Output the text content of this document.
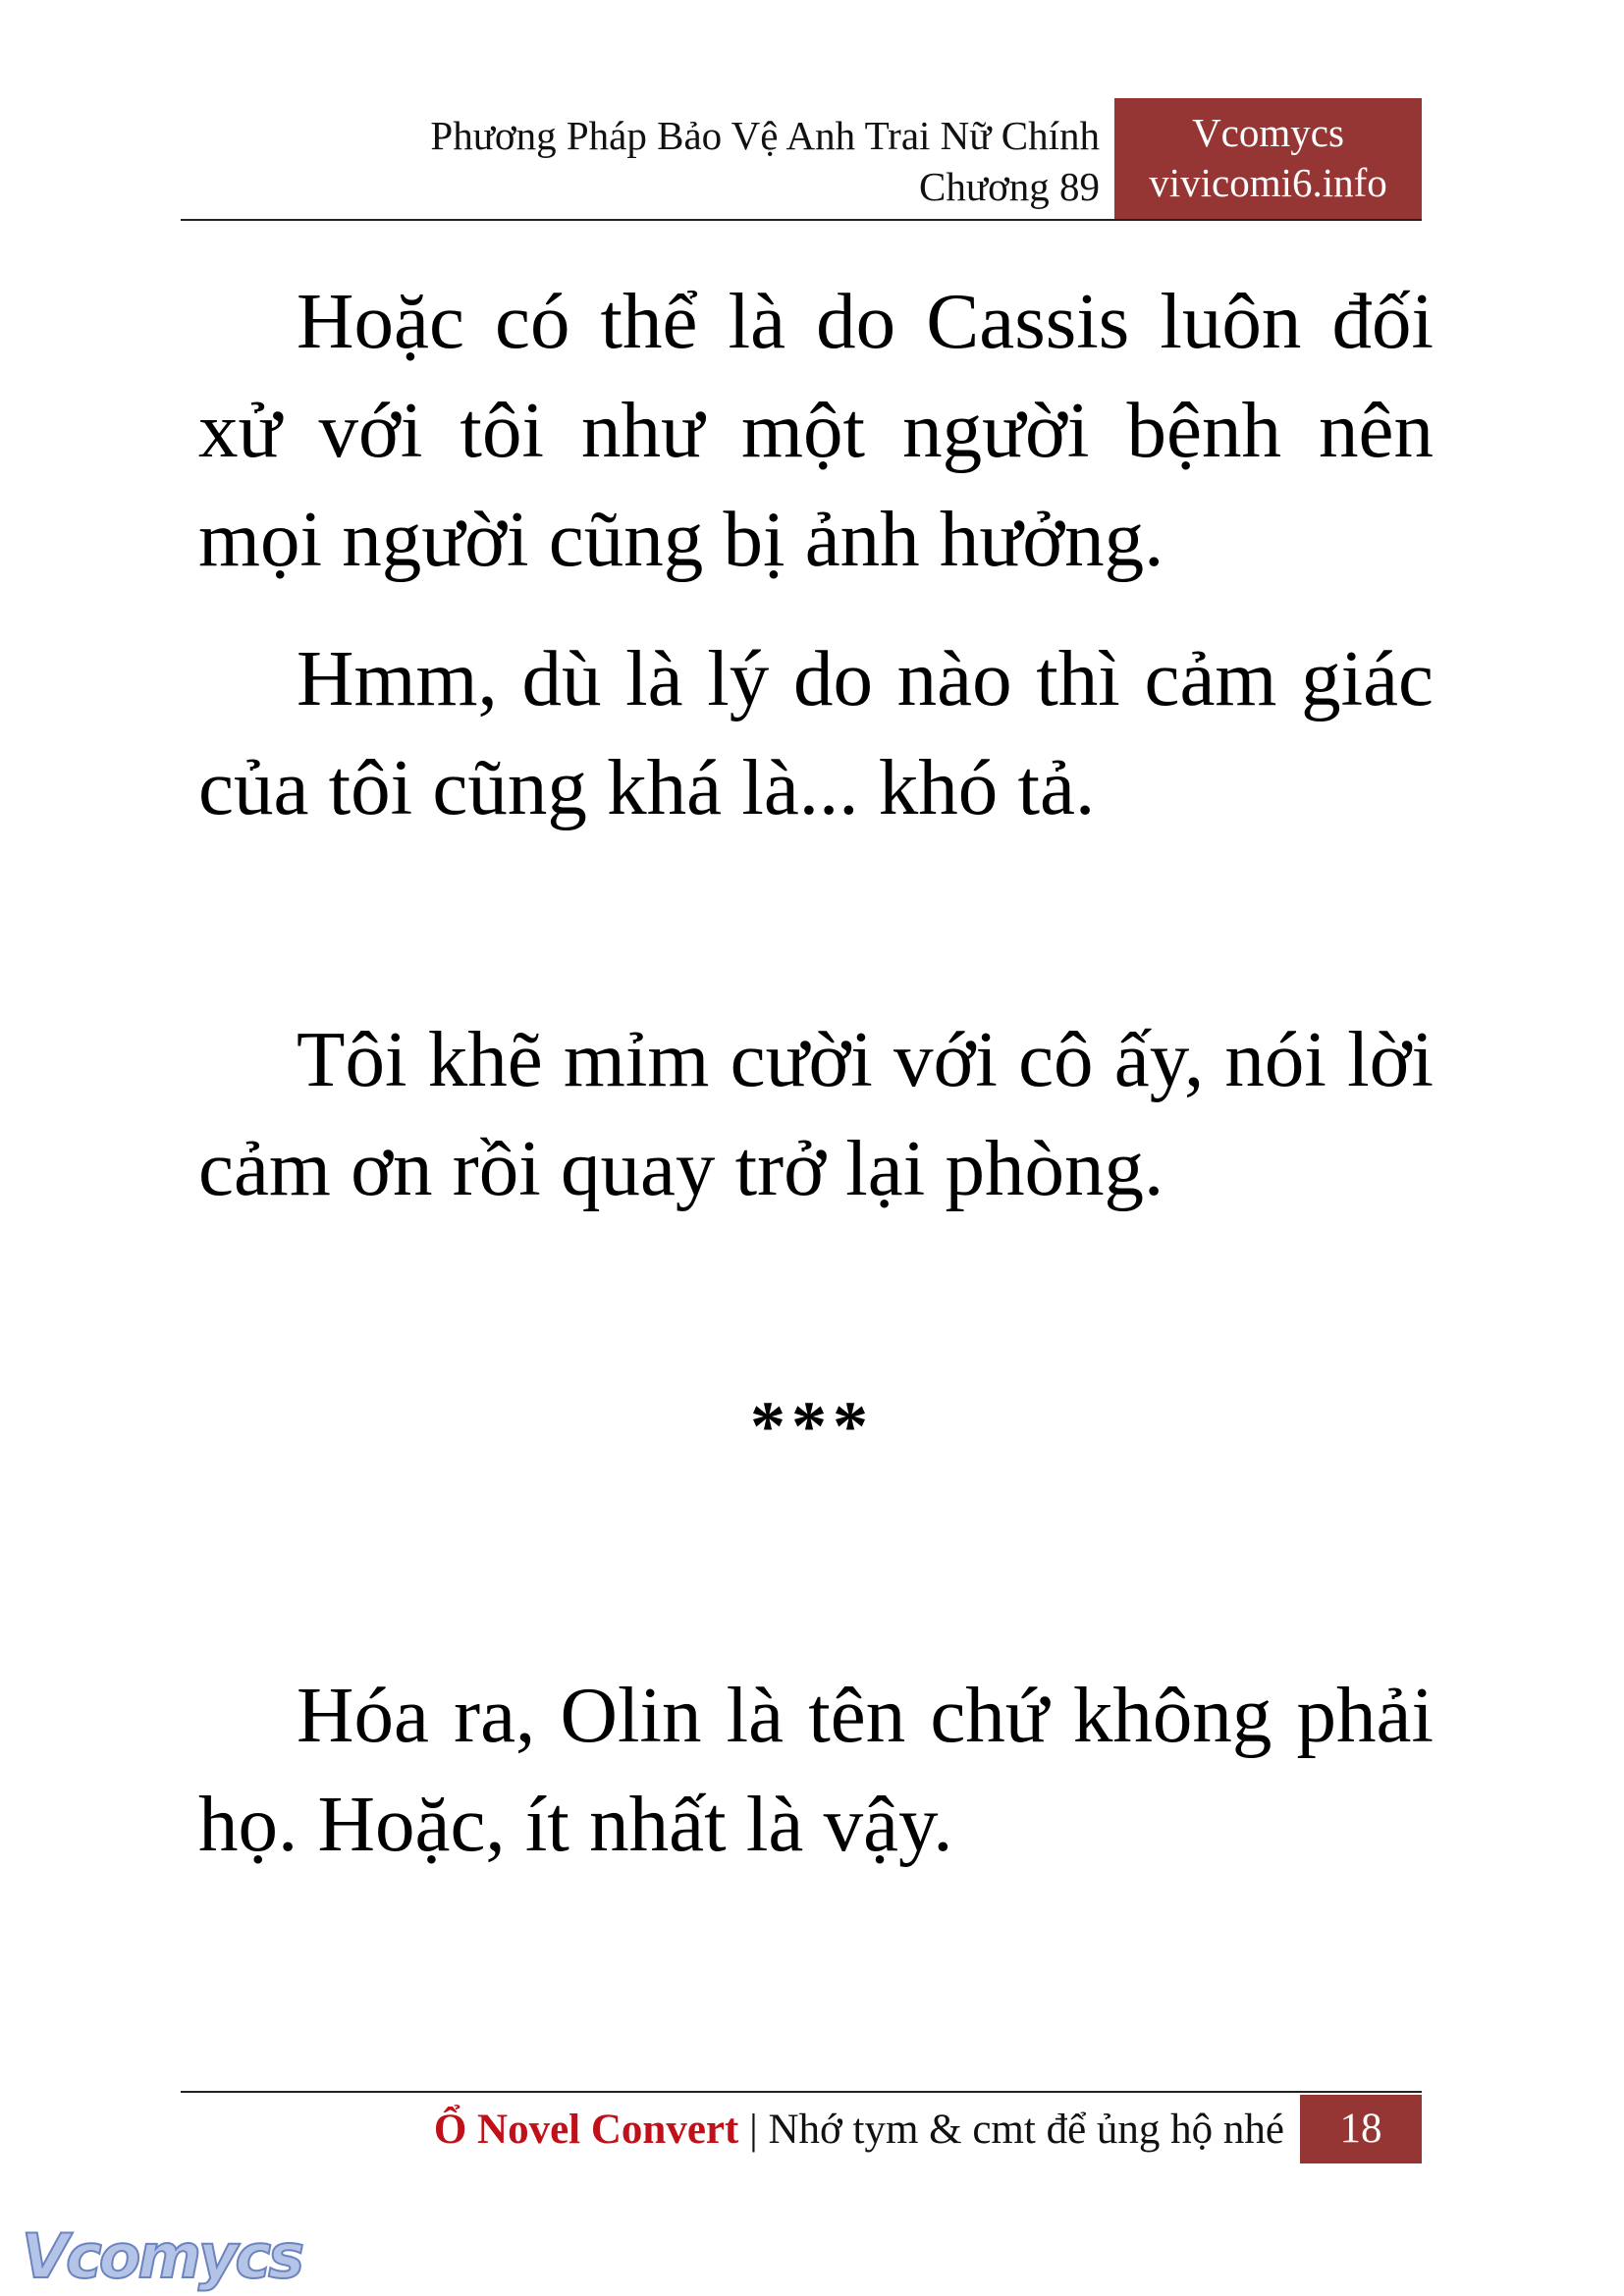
Phương Pháp Bảo Vệ Anh Trai Nữ Chính
Chương 89
Vcomycs
vivicomi6.info

Hoặc có thể là do Cassis luôn đối xử với tôi như một người bệnh nên mọi người cũng bị ảnh hưởng.

Hmm, dù là lý do nào thì cảm giác của tôi cũng khá là... khó tả.

Tôi khẽ mỉm cười với cô ấy, nói lời cảm ơn rồi quay trở lại phòng.

***

Hóa ra, Olin là tên chứ không phải họ. Hoặc, ít nhất là vậy.

Ổ Novel Convert | Nhớ tym & cmt để ủng hộ nhé	18
Vcomycs
